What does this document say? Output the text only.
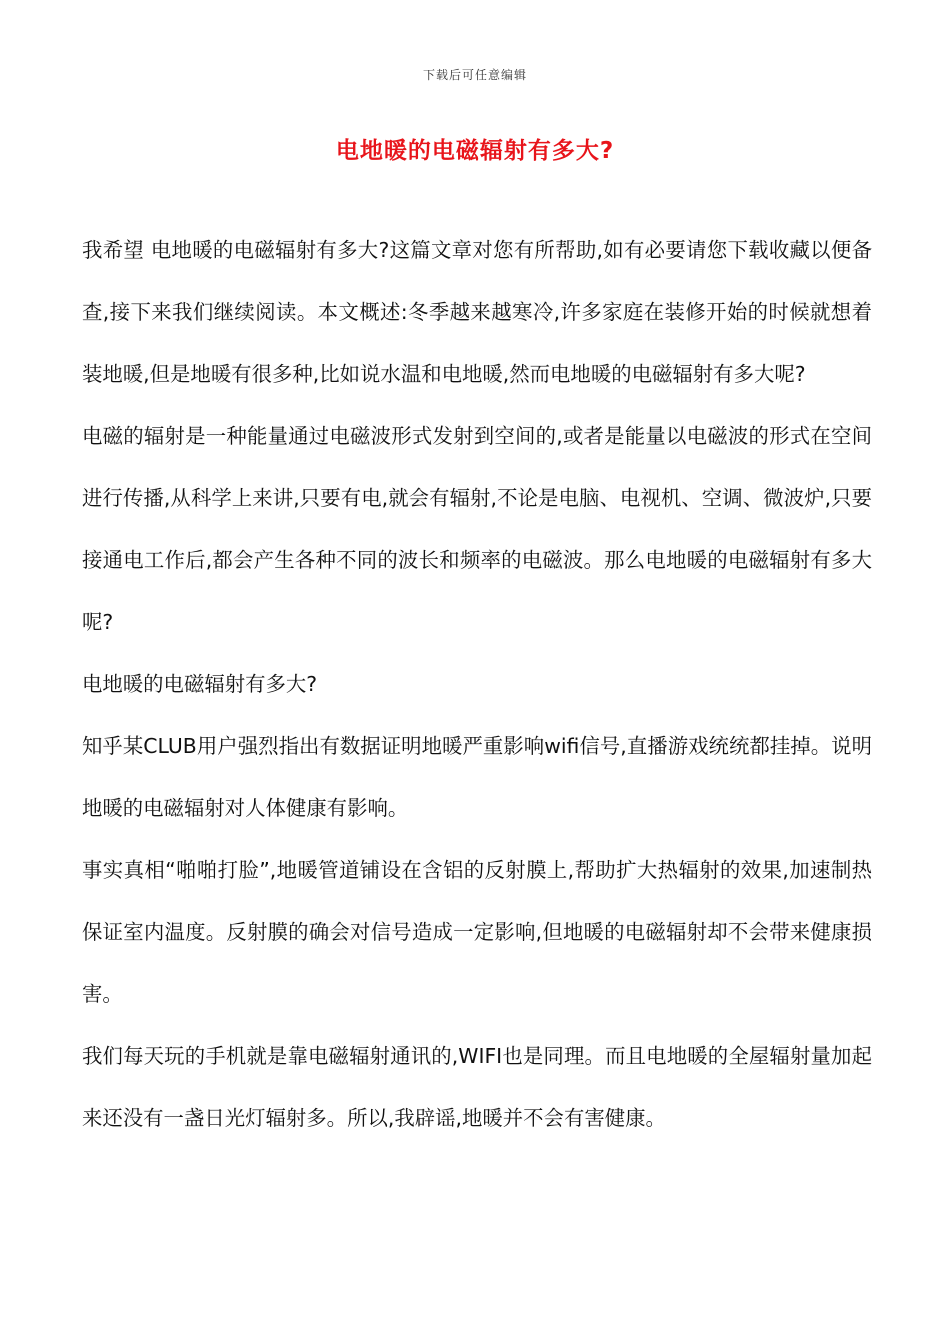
下载后可任意编辑
电地暖的电磁辐射有多大?

我希望 电地暖的电磁辐射有多大?这篇文章对您有所帮助,如有必要请您下载收藏以便备查,接下来我们继续阅读。本文概述:冬季越来越寒冷,许多家庭在装修开始的时候就想着装地暖,但是地暖有很多种,比如说水温和电地暖,然而电地暖的电磁辐射有多大呢?

电磁的辐射是一种能量通过电磁波形式发射到空间的,或者是能量以电磁波的形式在空间进行传播,从科学上来讲,只要有电,就会有辐射,不论是电脑、电视机、空调、微波炉,只要接通电工作后,都会产生各种不同的波长和频率的电磁波。那么电地暖的电磁辐射有多大呢?

电地暖的电磁辐射有多大?

知乎某CLUB用户强烈指出有数据证明地暖严重影响wifi信号,直播游戏统统都挂掉。说明地暖的电磁辐射对人体健康有影响。

事实真相“啪啪打脸”,地暖管道铺设在含铝的反射膜上,帮助扩大热辐射的效果,加速制热保证室内温度。反射膜的确会对信号造成一定影响,但地暖的电磁辐射却不会带来健康损害。

我们每天玩的手机就是靠电磁辐射通讯的,WIFI也是同理。而且电地暖的全屋辐射量加起来还没有一盏日光灯辐射多。所以,我辟谣,地暖并不会有害健康。
